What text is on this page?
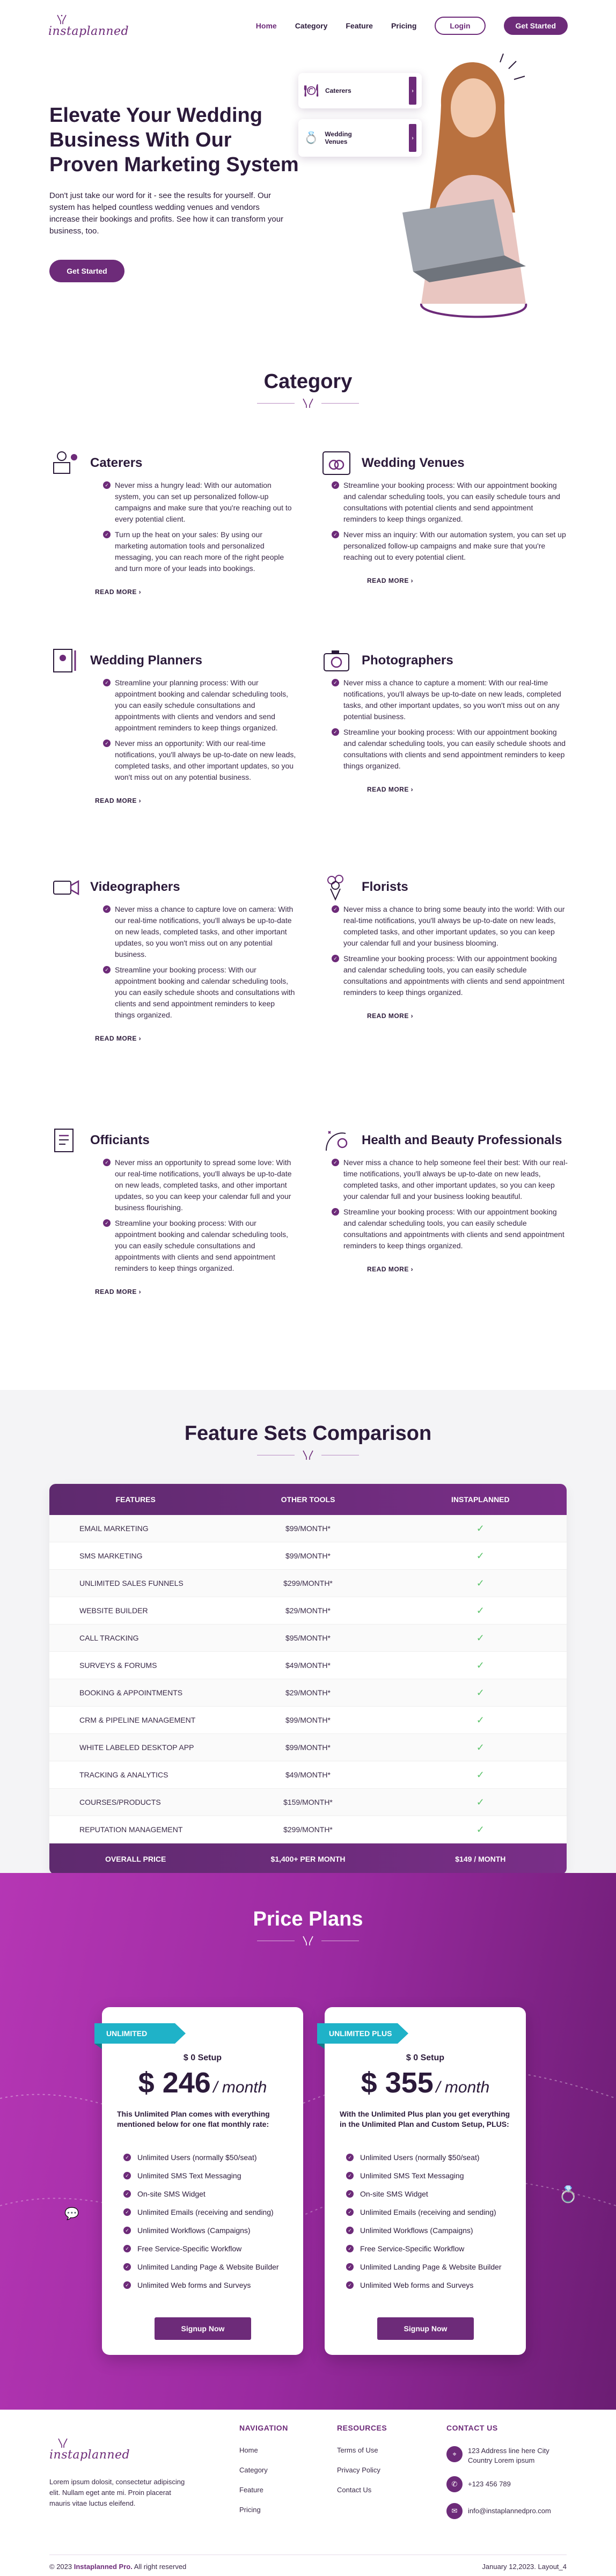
instaplanned	Home Category Feature Pricing	Login	Get Started
Elevate Your Wedding Business With Our Proven Marketing System

Don't just take our word for it - see the results for yourself. Our system has helped countless wedding venues and vendors increase their bookings and profits. See how it can transform your business, too.

Get Started
🍽 Caterers	›
💍 Wedding Venues	›
Category
Caterers
✓ Never miss a hungry lead: With our automation system, you can set up personalized follow-up campaigns and make sure that you're reaching out to every potential client.
✓ Turn up the heat on your sales: By using our marketing automation tools and personalized messaging, you can reach more of the right people and turn more of your leads into bookings.
READ MORE ›
Wedding Venues
✓ Streamline your booking process: With our appointment booking and calendar scheduling tools, you can easily schedule tours and consultations with potential clients and send appointment reminders to keep things organized.
✓ Never miss an inquiry: With our automation system, you can set up personalized follow-up campaigns and make sure that you're reaching out to every potential client.
READ MORE ›
Wedding Planners
✓ Streamline your planning process: With our appointment booking and calendar scheduling tools, you can easily schedule consultations and appointments with clients and vendors and send appointment reminders to keep things organized.
✓ Never miss an opportunity: With our real-time notifications, you'll always be up-to-date on new leads, completed tasks, and other important updates, so you won't miss out on any potential business.
READ MORE ›
Photographers
✓ Never miss a chance to capture a moment: With our real-time notifications, you'll always be up-to-date on new leads, completed tasks, and other important updates, so you won't miss out on any potential business.
✓ Streamline your booking process: With our appointment booking and calendar scheduling tools, you can easily schedule shoots and consultations with clients and send appointment reminders to keep things organized.
READ MORE ›
Videographers
✓ Never miss a chance to capture love on camera: With our real-time notifications, you'll always be up-to-date on new leads, completed tasks, and other important updates, so you won't miss out on any potential business.
✓ Streamline your booking process: With our appointment booking and calendar scheduling tools, you can easily schedule shoots and consultations with clients and send appointment reminders to keep things organized.
READ MORE ›
Florists
✓ Never miss a chance to bring some beauty into the world: With our real-time notifications, you'll always be up-to-date on new leads, completed tasks, and other important updates, so you can keep your calendar full and your business blooming.
✓ Streamline your booking process: With our appointment booking and calendar scheduling tools, you can easily schedule consultations and appointments with clients and send appointment reminders to keep things organized.
READ MORE ›
Officiants
✓ Never miss an opportunity to spread some love: With our real-time notifications, you'll always be up-to-date on new leads, completed tasks, and other important updates, so you can keep your calendar full and your business flourishing.
✓ Streamline your booking process: With our appointment booking and calendar scheduling tools, you can easily schedule consultations and appointments with clients and send appointment reminders to keep things organized.
READ MORE ›
Health and Beauty Professionals
✓ Never miss a chance to help someone feel their best: With our real-time notifications, you'll always be up-to-date on new leads, completed tasks, and other important updates, so you can keep your calendar full and your business looking beautiful.
✓ Streamline your booking process: With our appointment booking and calendar scheduling tools, you can easily schedule consultations and appointments with clients and send appointment reminders to keep things organized.
READ MORE ›
Feature Sets Comparison
FEATURES	OTHER TOOLS	INSTAPLANNED
EMAIL MARKETING	$99/MONTH*	✓
SMS MARKETING	$99/MONTH*	✓
UNLIMITED SALES FUNNELS	$299/MONTH*	✓
WEBSITE BUILDER	$29/MONTH*	✓
CALL TRACKING	$95/MONTH*	✓
SURVEYS & FORUMS	$49/MONTH*	✓
BOOKING & APPOINTMENTS	$29/MONTH*	✓
CRM & PIPELINE MANAGEMENT	$99/MONTH*	✓
WHITE LABELED DESKTOP APP	$99/MONTH*	✓
TRACKING & ANALYTICS	$49/MONTH*	✓
COURSES/PRODUCTS	$159/MONTH*	✓
REPUTATION MANAGEMENT	$299/MONTH*	✓
OVERALL PRICE	$1,400+ PER MONTH	$149 / MONTH
💬
💍
Price Plans
UNLIMITED
$ 0 Setup
$ 246 / month

This Unlimited Plan comes with everything mentioned below for one flat monthly rate:

✓ Unlimited Users (normally $50/seat)
✓ Unlimited SMS Text Messaging
✓ On-site SMS Widget
✓ Unlimited Emails (receiving and sending)
✓ Unlimited Workflows (Campaigns)
✓ Free Service-Specific Workflow
✓ Unlimited Landing Page & Website Builder
✓ Unlimited Web forms and Surveys
Signup Now
UNLIMITED PLUS
$ 0 Setup
$ 355 / month

With the Unlimited Plus plan you get everything in the Unlimited Plan and Custom Setup, PLUS:

✓ Unlimited Users (normally $50/seat)
✓ Unlimited SMS Text Messaging
✓ On-site SMS Widget
✓ Unlimited Emails (receiving and sending)
✓ Unlimited Workflows (Campaigns)
✓ Free Service-Specific Workflow
✓ Unlimited Landing Page & Website Builder
✓ Unlimited Web forms and Surveys
Signup Now
instaplanned

Lorem ipsum dolosit, consectetur adipiscing elit. Nullam eget ante mi. Proin placerat mauris vitae luctus eleifend.

NAVIGATION
Home
Category
Feature
Pricing
RESOURCES
Terms of Use
Privacy Policy
Contact Us
CONTACT US
⌖	123 Address line here City Country Lorem ipsum
✆	+123 456 789
✉	info@instaplannedpro.com
© 2023 Instaplanned Pro. All right reserved	January 12,2023. Layout_4
